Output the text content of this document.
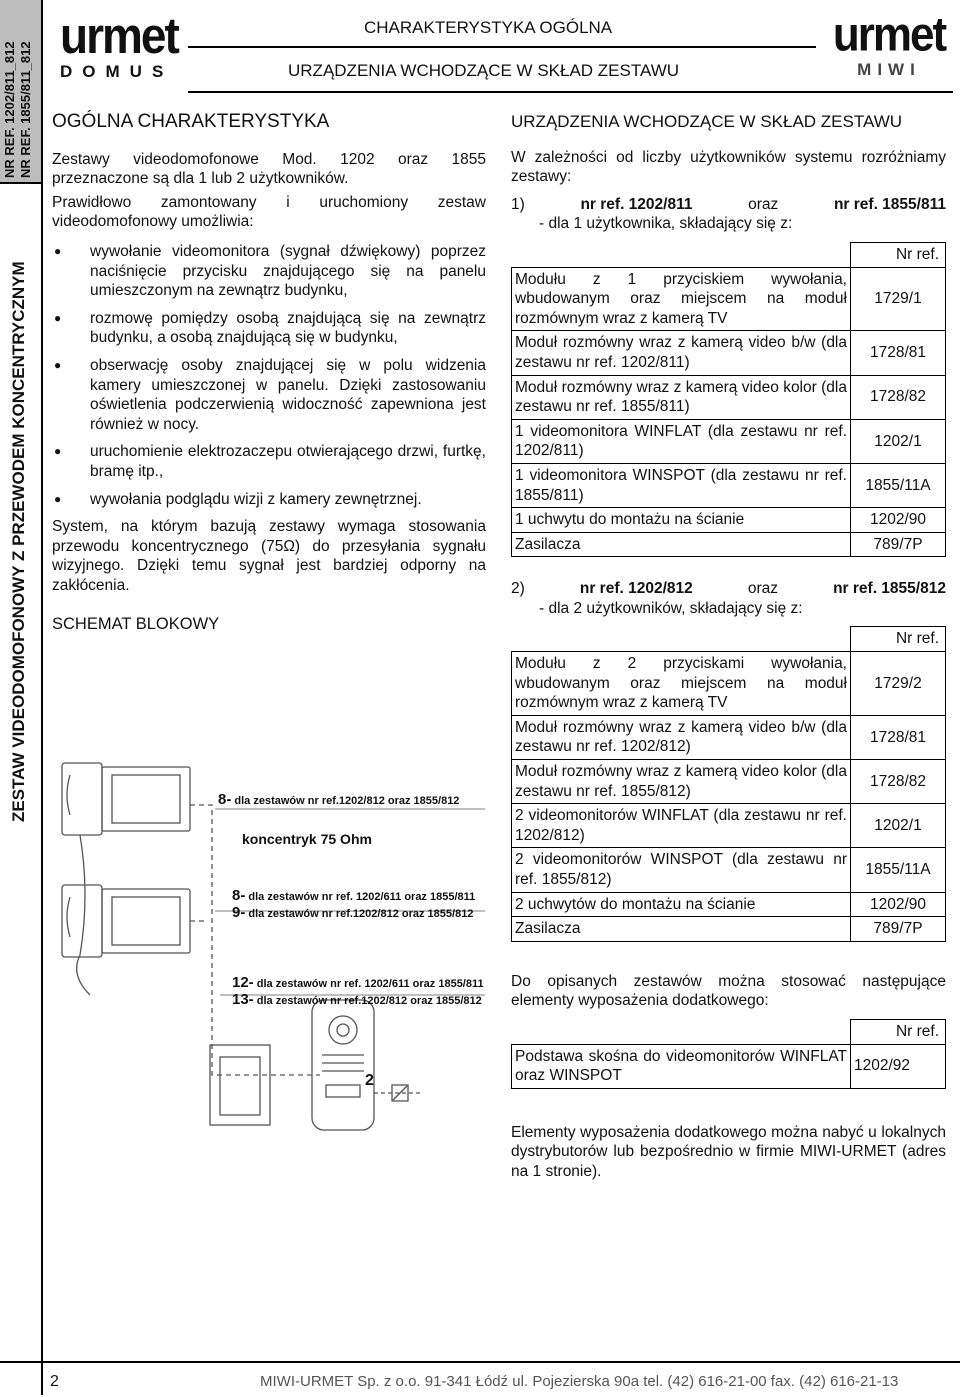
NR REF. 1202/811_812 NR REF. 1855/811_812
ZESTAW VIDEODOMOFONOWY Z PRZEWODEM KONCENTRYCZNYM
urmet
DOMUS
CHARAKTERYSTYKA OGÓLNA
URZĄDZENIA WCHODZĄCE W SKŁAD ZESTAWU
urmet
MIWI
OGÓLNA CHARAKTERYSTYKA
Zestawy videodomofonowe Mod. 1202 oraz 1855 przeznaczone są dla 1 lub 2 użytkowników.
Prawidłowo zamontowany i uruchomiony zestaw videodomofonowy umożliwia:
●	wywołanie videomonitora (sygnał dźwiękowy) poprzez naciśnięcie przycisku znajdującego się na panelu umieszczonym na zewnątrz budynku,
●	rozmowę pomiędzy osobą znajdującą się na zewnątrz budynku, a osobą znajdującą się w budynku,
●	obserwację osoby znajdującej się w polu widzenia kamery umieszczonej w panelu. Dzięki zastosowaniu oświetlenia podczerwienią widoczność zapewniona jest również w nocy.
●	uruchomienie elektrozaczepu otwierającego drzwi, furtkę, bramę itp.,
●	wywołania podglądu wizji z kamery zewnętrznej.
System, na którym bazują zestawy wymaga stosowania przewodu koncentrycznego (75Ω) do przesyłania sygnału wizyjnego. Dzięki temu sygnał jest bardziej odporny na zakłócenia.
SCHEMAT BLOKOWY
8- dla zestawów nr ref.1202/812 oraz 1855/812
koncentryk 75 Ohm
8- dla zestawów nr ref. 1202/611 oraz 1855/811
9- dla zestawów nr ref.1202/812 oraz 1855/812
12- dla zestawów nr ref. 1202/611 oraz 1855/811
13- dla zestawów nr ref.1202/812 oraz 1855/812
2
URZĄDZENIA WCHODZĄCE W SKŁAD ZESTAWU
W zależności od liczby użytkowników systemu rozróżniamy zestawy:
1)	nr ref. 1202/811	oraz	nr ref. 1855/811
- dla 1 użytkownika, składający się z:
	Nr ref.
Modułu z 1 przyciskiem wywołania, wbudowanym oraz miejscem na moduł rozmównym wraz z kamerą TV	1729/1
Moduł rozmówny wraz z kamerą video b/w (dla zestawu nr ref. 1202/811)	1728/81
Moduł rozmówny wraz z kamerą video kolor (dla zestawu nr ref. 1855/811)	1728/82
1 videomonitora WINFLAT (dla zestawu nr ref. 1202/811)	1202/1
1 videomonitora WINSPOT (dla zestawu nr ref. 1855/811)	1855/11A
1 uchwytu do montażu na ścianie	1202/90
Zasilacza	789/7P
2)	nr ref. 1202/812	oraz	nr ref. 1855/812
- dla 2 użytkowników, składający się z:
	Nr ref.
Modułu z 2 przyciskami wywołania, wbudowanym oraz miejscem na moduł rozmównym wraz z kamerą TV	1729/2
Moduł rozmówny wraz z kamerą video b/w (dla zestawu nr ref. 1202/812)	1728/81
Moduł rozmówny wraz z kamerą video kolor (dla zestawu nr ref. 1855/812)	1728/82
2 videomonitorów WINFLAT (dla zestawu nr ref. 1202/812)	1202/1
2 videomonitorów WINSPOT (dla zestawu nr ref. 1855/812)	1855/11A
2 uchwytów do montażu na ścianie	1202/90
Zasilacza	789/7P
Do opisanych zestawów można stosować następujące elementy wyposażenia dodatkowego:
	Nr ref.
Podstawa skośna do videomonitorów WINFLAT oraz WINSPOT	1202/92
Elementy wyposażenia dodatkowego można nabyć u lokalnych dystrybutorów lub bezpośrednio w firmie MIWI-URMET (adres na 1 stronie).
2	MIWI-URMET Sp. z o.o. 91-341 Łódź ul. Pojezierska 90a tel. (42) 616-21-00 fax. (42) 616-21-13
